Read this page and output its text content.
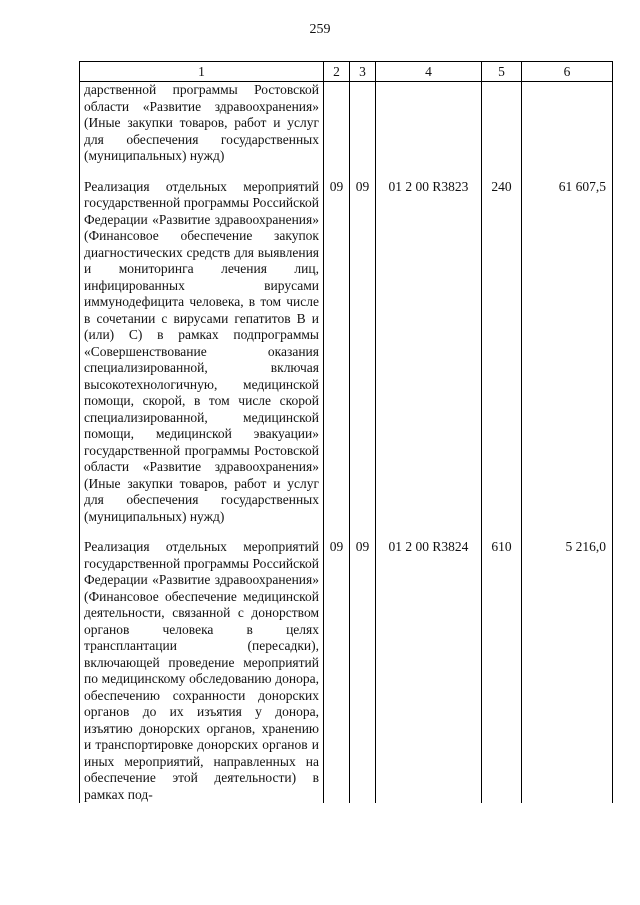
259
1	2	3	4	5	6

дарственной программы Ростовской области «Развитие здравоохранения» (Иные закупки товаров, работ и услуг для обеспечения государственных (муниципальных) нужд)					

Реализация отдельных мероприятий государственной программы Российской Федерации «Развитие здравоохранения» (Финансовое обеспечение закупок диагностических средств для выявления и мониторинга лечения лиц, инфицированных вирусами иммунодефицита человека, в том числе в сочетании с вирусами гепатитов В и (или) С) в рамках подпрограммы «Совершенствование оказания специализированной, включая высокотехнологичную, медицинской помощи, скорой, в том числе скорой специализированной, медицинской помощи, медицинской эвакуации» государственной программы Ростовской области «Развитие здравоохранения» (Иные закупки товаров, работ и услуг для обеспечения государственных (муниципальных) нужд)	09	09	01 2 00 R3823	240	61 607,5

Реализация отдельных мероприятий государственной программы Российской Федерации «Развитие здравоохранения» (Финансовое обеспечение медицинской деятельности, связанной с донорством органов человека в целях трансплантации (пересадки), включающей проведение мероприятий по медицинскому обследованию донора, обеспечению сохранности донорских органов до их изъятия у донора, изъятию донорских органов, хранению и транспортировке донорских органов и иных мероприятий, направленных на обеспечение этой деятельности) в рамках под-	09	09	01 2 00 R3824	610	5 216,0
